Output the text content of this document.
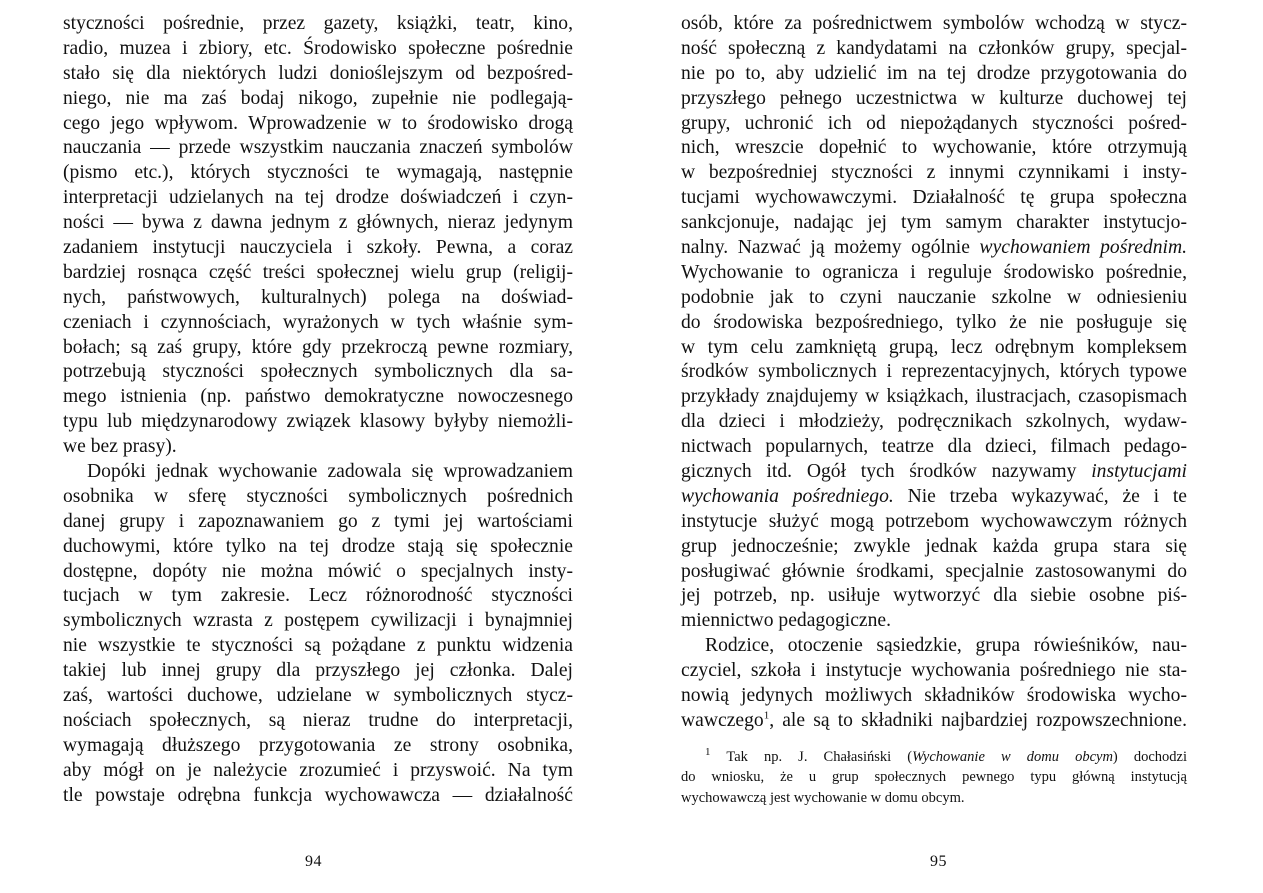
styczności pośrednie, przez gazety, książki, teatr, kino,
radio, muzea i zbiory, etc. Środowisko społeczne pośrednie
stało się dla niektórych ludzi donioślejszym od bezpośred-
niego, nie ma zaś bodaj nikogo, zupełnie nie podlegają-
cego jego wpływom. Wprowadzenie w to środowisko drogą
nauczania — przede wszystkim nauczania znaczeń symbolów
(pismo etc.), których styczności te wymagają, następnie
interpretacji udzielanych na tej drodze doświadczeń i czyn-
ności — bywa z dawna jednym z głównych, nieraz jedynym
zadaniem instytucji nauczyciela i szkoły. Pewna, a coraz
bardziej rosnąca część treści społecznej wielu grup (religij-
nych, państwowych, kulturalnych) polega na doświad-
czeniach i czynnościach, wyrażonych w tych właśnie sym-
bołach; są zaś grupy, które gdy przekroczą pewne rozmiary,
potrzebują styczności społecznych symbolicznych dla sa-
mego istnienia (np. państwo demokratyczne nowoczesnego
typu lub międzynarodowy związek klasowy byłyby niemożli-
we bez prasy).

Dopóki jednak wychowanie zadowala się wprowadzaniem
osobnika w sferę styczności symbolicznych pośrednich
danej grupy i zapoznawaniem go z tymi jej wartościami
duchowymi, które tylko na tej drodze stają się społecznie
dostępne, dopóty nie można mówić o specjalnych insty-
tucjach w tym zakresie. Lecz różnorodność styczności
symbolicznych wzrasta z postępem cywilizacji i bynajmniej
nie wszystkie te styczności są pożądane z punktu widzenia
takiej lub innej grupy dla przyszłego jej członka. Dalej
zaś, wartości duchowe, udzielane w symbolicznych stycz-
nościach społecznych, są nieraz trudne do interpretacji,
wymagają dłuższego przygotowania ze strony osobnika,
aby mógł on je należycie zrozumieć i przyswoić. Na tym
tle powstaje odrębna funkcja wychowawcza — działalność

94

osób, które za pośrednictwem symbolów wchodzą w stycz-
ność społeczną z kandydatami na członków grupy, specjal-
nie po to, aby udzielić im na tej drodze przygotowania do
przyszłego pełnego uczestnictwa w kulturze duchowej tej
grupy, uchronić ich od niepożądanych styczności pośred-
nich, wreszcie dopełnić to wychowanie, które otrzymują
w bezpośredniej styczności z innymi czynnikami i insty-
tucjami wychowawczymi. Działalność tę grupa społeczna
sankcjonuje, nadając jej tym samym charakter instytucjo-
nalny. Nazwać ją możemy ogólnie wychowaniem pośrednim.
Wychowanie to ogranicza i reguluje środowisko pośrednie,
podobnie jak to czyni nauczanie szkolne w odniesieniu
do środowiska bezpośredniego, tylko że nie posługuje się
w tym celu zamkniętą grupą, lecz odrębnym kompleksem
środków symbolicznych i reprezentacyjnych, których typowe
przykłady znajdujemy w książkach, ilustracjach, czasopismach
dla dzieci i młodzieży, podręcznikach szkolnych, wydaw-
nictwach popularnych, teatrze dla dzieci, filmach pedago-
gicznych itd. Ogół tych środków nazywamy instytucjami
wychowania pośredniego. Nie trzeba wykazywać, że i te
instytucje służyć mogą potrzebom wychowawczym różnych
grup jednocześnie; zwykle jednak każda grupa stara się
posługiwać głównie środkami, specjalnie zastosowanymi do
jej potrzeb, np. usiłuje wytworzyć dla siebie osobne piś-
miennictwo pedagogiczne.

Rodzice, otoczenie sąsiedzkie, grupa rówieśników, nau-
czyciel, szkoła i instytucje wychowania pośredniego nie sta-
nowią jedynych możliwych składników środowiska wycho-
wawczego$^1$, ale są to składniki najbardziej rozpowszechnione.

$^1$ Tak np. J. Chałasiński (Wychowanie w domu obcym) dochodzi
do wniosku, że u grup społecznych pewnego typu główną instytucją
wychowawczą jest wychowanie w domu obcym.
95
